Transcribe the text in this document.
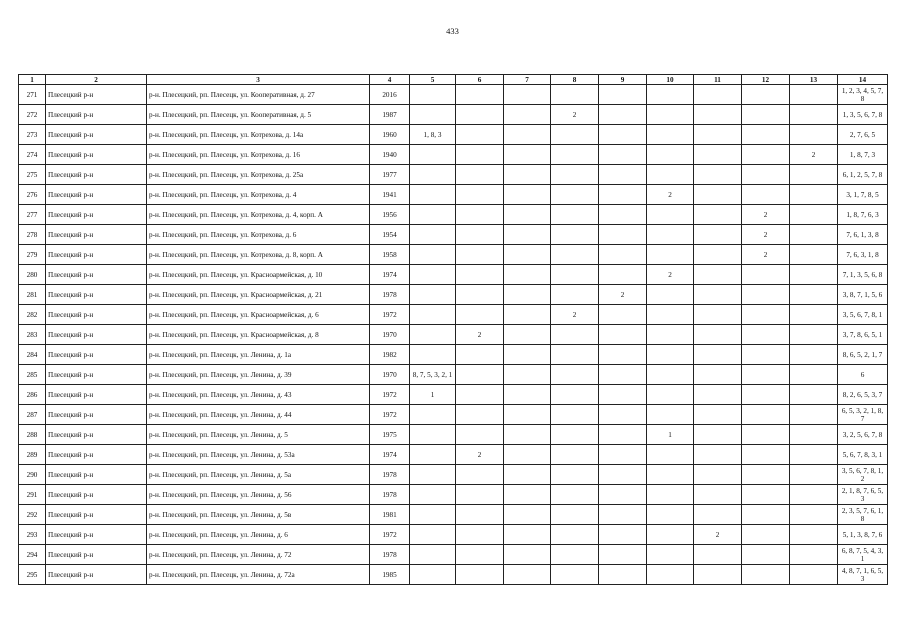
433
1	2	3	4	5	6	7	8	9	10	11	12	13	14
271	Плесецкий р-н	р-н. Плесецкий, рп. Плесецк, ул. Кооперативная, д. 27	2016										1, 2, 3, 4, 5, 7, 8
272	Плесецкий р-н	р-н. Плесецкий, рп. Плесецк, ул. Кооперативная, д. 5	1987				2						1, 3, 5, 6, 7, 8
273	Плесецкий р-н	р-н. Плесецкий, рп. Плесецк, ул. Котрехова, д. 14а	1960	1, 8, 3									2, 7, 6, 5
274	Плесецкий р-н	р-н. Плесецкий, рп. Плесецк, ул. Котрехова, д. 16	1940									2	1, 8, 7, 3
275	Плесецкий р-н	р-н. Плесецкий, рп. Плесецк, ул. Котрехова, д. 25а	1977										6, 1, 2, 5, 7, 8
276	Плесецкий р-н	р-н. Плесецкий, рп. Плесецк, ул. Котрехова, д. 4	1941						2				3, 1, 7, 8, 5
277	Плесецкий р-н	р-н. Плесецкий, рп. Плесецк, ул. Котрехова, д. 4, корп. А	1956								2		1, 8, 7, 6, 3
278	Плесецкий р-н	р-н. Плесецкий, рп. Плесецк, ул. Котрехова, д. 6	1954								2		7, 6, 1, 3, 8
279	Плесецкий р-н	р-н. Плесецкий, рп. Плесецк, ул. Котрехова, д. 8, корп. А	1958								2		7, 6, 3, 1, 8
280	Плесецкий р-н	р-н. Плесецкий, рп. Плесецк, ул. Красноармейская, д. 10	1974						2				7, 1, 3, 5, 6, 8
281	Плесецкий р-н	р-н. Плесецкий, рп. Плесецк, ул. Красноармейская, д. 21	1978					2					3, 8, 7, 1, 5, 6
282	Плесецкий р-н	р-н. Плесецкий, рп. Плесецк, ул. Красноармейская, д. 6	1972				2						3, 5, 6, 7, 8, 1
283	Плесецкий р-н	р-н. Плесецкий, рп. Плесецк, ул. Красноармейская, д. 8	1970		2								3, 7, 8, 6, 5, 1
284	Плесецкий р-н	р-н. Плесецкий, рп. Плесецк, ул. Ленина, д. 1а	1982										8, 6, 5, 2, 1, 7
285	Плесецкий р-н	р-н. Плесецкий, рп. Плесецк, ул. Ленина, д. 39	1970	8, 7, 5, 3, 2, 1									6
286	Плесецкий р-н	р-н. Плесецкий, рп. Плесецк, ул. Ленина, д. 43	1972	1									8, 2, 6, 5, 3, 7
287	Плесецкий р-н	р-н. Плесецкий, рп. Плесецк, ул. Ленина, д. 44	1972										6, 5, 3, 2, 1, 8, 7
288	Плесецкий р-н	р-н. Плесецкий, рп. Плесецк, ул. Ленина, д. 5	1975						1				3, 2, 5, 6, 7, 8
289	Плесецкий р-н	р-н. Плесецкий, рп. Плесецк, ул. Ленина, д. 53а	1974		2								5, 6, 7, 8, 3, 1
290	Плесецкий р-н	р-н. Плесецкий, рп. Плесецк, ул. Ленина, д. 5а	1978										3, 5, 6, 7, 8, 1, 2
291	Плесецкий р-н	р-н. Плесецкий, рп. Плесецк, ул. Ленина, д. 56	1978										2, 1, 8, 7, 6, 5, 3
292	Плесецкий р-н	р-н. Плесецкий, рп. Плесецк, ул. Ленина, д. 5в	1981										2, 3, 5, 7, 6, 1, 8
293	Плесецкий р-н	р-н. Плесецкий, рп. Плесецк, ул. Ленина, д. 6	1972							2			5, 1, 3, 8, 7, 6
294	Плесецкий р-н	р-н. Плесецкий, рп. Плесецк, ул. Ленина, д. 72	1978										6, 8, 7, 5, 4, 3, 1
295	Плесецкий р-н	р-н. Плесецкий, рп. Плесецк, ул. Ленина, д. 72а	1985										4, 8, 7, 1, 6, 5, 3
